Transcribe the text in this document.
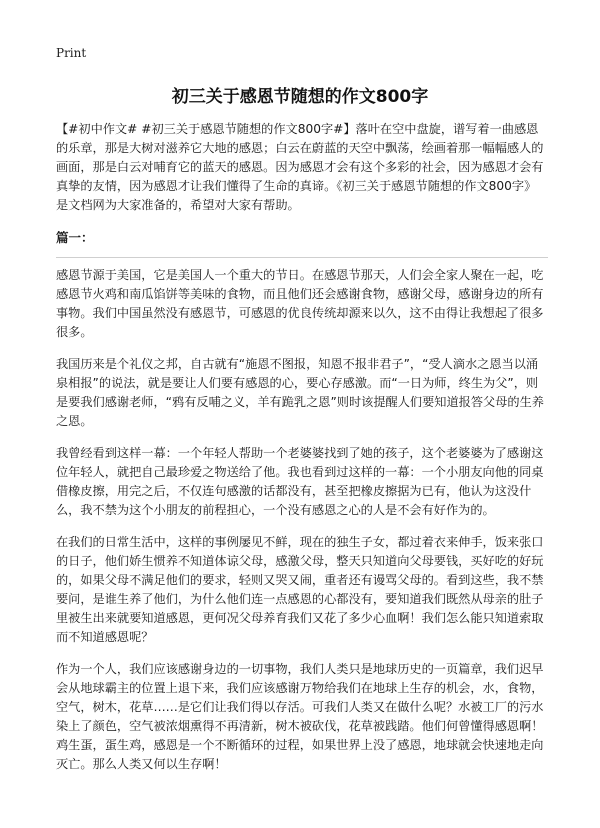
Print
初三关于感恩节随想的作文800字

【#初中作文# #初三关于感恩节随想的作文800字#】落叶在空中盘旋，谱写着一曲感恩的乐章，那是大树对滋养它大地的感恩；白云在蔚蓝的天空中飘荡，绘画着那一幅幅感人的画面，那是白云对哺育它的蓝天的感恩。因为感恩才会有这个多彩的社会，因为感恩才会有真挚的友情，因为感恩才让我们懂得了生命的真谛。《初三关于感恩节随想的作文800字》是文档网为大家准备的，希望对大家有帮助。

篇一：

感恩节源于美国，它是美国人一个重大的节日。在感恩节那天，人们会全家人聚在一起，吃感恩节火鸡和南瓜馅饼等美味的食物，而且他们还会感谢食物，感谢父母，感谢身边的所有事物。我们中国虽然没有感恩节，可感恩的优良传统却源来以久，这不由得让我想起了很多很多。

我国历来是个礼仪之邦，自古就有“施恩不图报，知恩不报非君子”，“受人滴水之恩当以涌泉相报”的说法，就是要让人们要有感恩的心，要心存感激。而“一日为师，终生为父”，则是要我们感谢老师，“鸦有反哺之义，羊有跪乳之恩”则时该提醒人们要知道报答父母的生养之恩。

我曾经看到这样一幕：一个年轻人帮助一个老婆婆找到了她的孩子，这个老婆婆为了感谢这位年轻人，就把自己最珍爱之物送给了他。我也看到过这样的一幕：一个小朋友向他的同桌借橡皮擦，用完之后，不仅连句感激的话都没有，甚至把橡皮擦据为已有，他认为这没什么，我不禁为这个小朋友的前程担心，一个没有感恩之心的人是不会有好作为的。

在我们的日常生活中，这样的事例屡见不鲜，现在的独生子女，都过着衣来伸手，饭来张口的日子，他们娇生惯养不知道体谅父母，感激父母，整天只知道向父母要钱，买好吃的好玩的，如果父母不满足他们的要求，轻则又哭又闹，重者还有谩骂父母的。看到这些，我不禁要问，是谁生养了他们，为什么他们连一点感恩的心都没有，要知道我们既然从母亲的肚子里被生出来就要知道感恩，更何况父母养育我们又花了多少心血啊！我们怎么能只知道索取而不知道感恩呢？

作为一个人，我们应该感谢身边的一切事物，我们人类只是地球历史的一页篇章，我们迟早会从地球霸主的位置上退下来，我们应该感谢万物给我们在地球上生存的机会，水，食物，空气，树木，花草……是它们让我们得以存活。可我们人类又在做什么呢？水被工厂的污水染上了颜色，空气被浓烟熏得不再清新，树木被砍伐，花草被践踏。他们何曾懂得感恩啊！鸡生蛋，蛋生鸡，感恩是一个不断循环的过程，如果世界上没了感恩，地球就会快速地走向灭亡。那么人类又何以生存啊！
